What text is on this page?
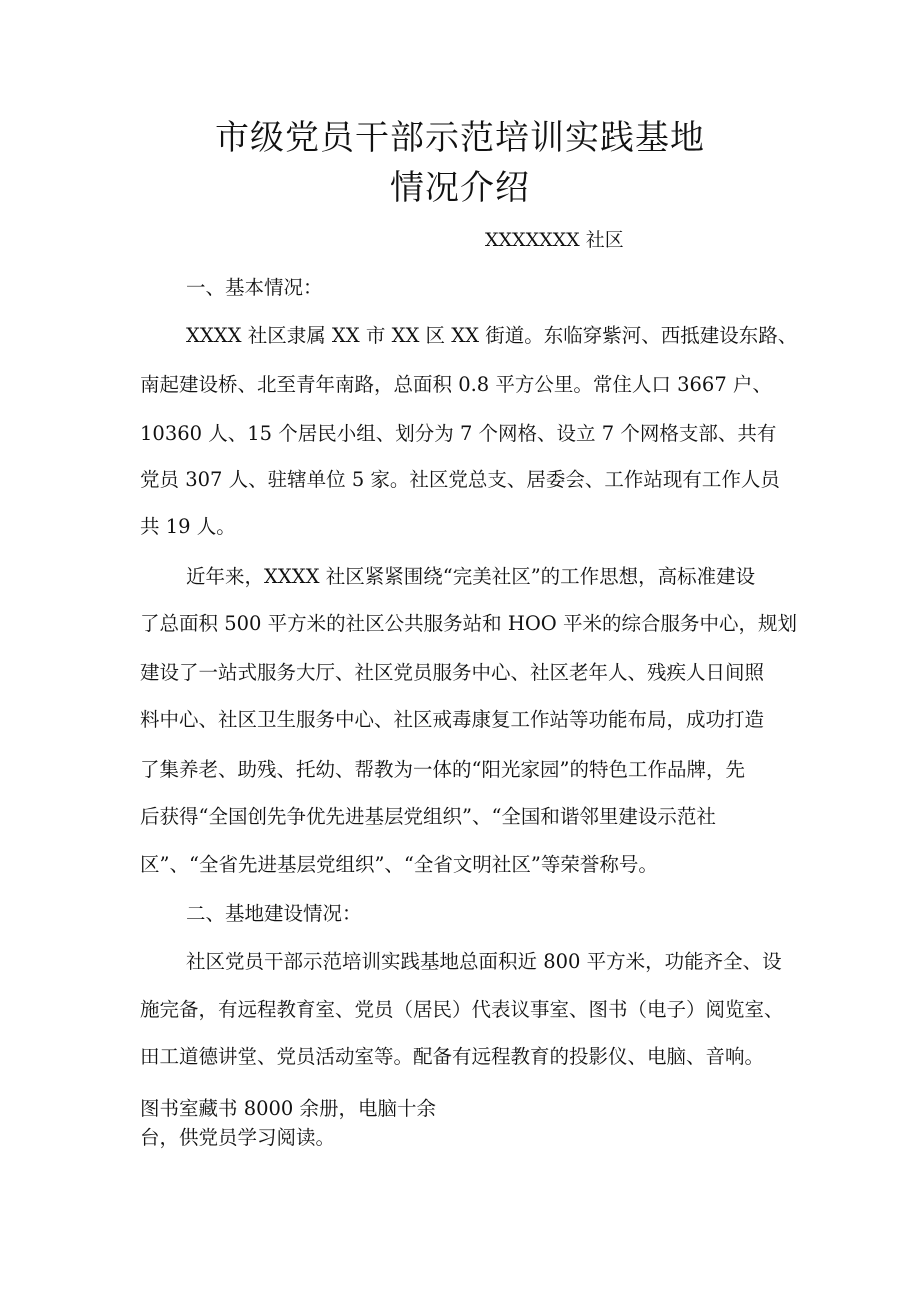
市级党员干部示范培训实践基地
情况介绍
XXXXXXX 社区
一、基本情况：
XXXX 社区隶属 XX 市 XX 区 XX 街道。东临穿紫河、西抵建设东路、
南起建设桥、北至青年南路，总面积 0.8 平方公里。常住人口 3667 户、
10360 人、15 个居民小组、划分为 7 个网格、设立 7 个网格支部、共有
党员 307 人、驻辖单位 5 家。社区党总支、居委会、工作站现有工作人员
共 19 人。
近年来，XXXX 社区紧紧围绕“完美社区”的工作思想，高标准建设
了总面积 500 平方米的社区公共服务站和 HOO 平米的综合服务中心，规划
建设了一站式服务大厅、社区党员服务中心、社区老年人、残疾人日间照
料中心、社区卫生服务中心、社区戒毒康复工作站等功能布局，成功打造
了集养老、助残、托幼、帮教为一体的“阳光家园”的特色工作品牌，先
后获得“全国创先争优先进基层党组织”、“全国和谐邻里建设示范社
区”、“全省先进基层党组织”、“全省文明社区”等荣誉称号。
二、基地建设情况：
社区党员干部示范培训实践基地总面积近 800 平方米，功能齐全、设
施完备，有远程教育室、党员（居民）代表议事室、图书（电子）阅览室、
田工道德讲堂、党员活动室等。配备有远程教育的投影仪、电脑、音响。
图书室藏书 8000 余册，电脑十余
台，供党员学习阅读。
